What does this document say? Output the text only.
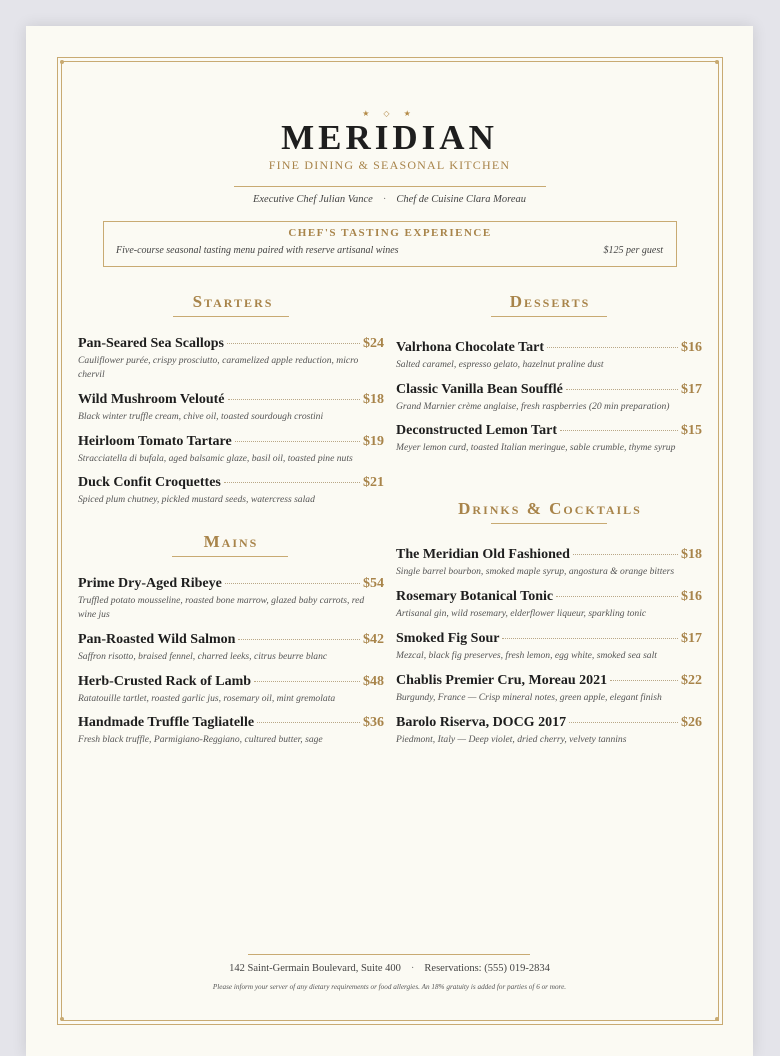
★ ◇ ★
MERIDIAN
FINE DINING & SEASONAL KITCHEN
Executive Chef Julian Vance · Chef de Cuisine Clara Moreau
CHEF'S TASTING EXPERIENCE
Five-course seasonal tasting menu paired with reserve artisanal wines	$125 per guest
Starters
Pan-Seared Sea Scallops	$24
Cauliflower purée, crispy prosciutto, caramelized apple reduction, micro chervil
Wild Mushroom Velouté	$18
Black winter truffle cream, chive oil, toasted sourdough crostini
Heirloom Tomato Tartare	$19
Stracciatella di bufala, aged balsamic glaze, basil oil, toasted pine nuts
Duck Confit Croquettes	$21
Spiced plum chutney, pickled mustard seeds, watercress salad
Mains
Prime Dry-Aged Ribeye	$54
Truffled potato mousseline, roasted bone marrow, glazed baby carrots, red wine jus
Pan-Roasted Wild Salmon	$42
Saffron risotto, braised fennel, charred leeks, citrus beurre blanc
Herb-Crusted Rack of Lamb	$48
Ratatouille tartlet, roasted garlic jus, rosemary oil, mint gremolata
Handmade Truffle Tagliatelle	$36
Fresh black truffle, Parmigiano-Reggiano, cultured butter, sage
Desserts
Valrhona Chocolate Tart	$16
Salted caramel, espresso gelato, hazelnut praline dust
Classic Vanilla Bean Soufflé	$17
Grand Marnier crème anglaise, fresh raspberries (20 min preparation)
Deconstructed Lemon Tart	$15
Meyer lemon curd, toasted Italian meringue, sable crumble, thyme syrup
Drinks & Cocktails
The Meridian Old Fashioned	$18
Single barrel bourbon, smoked maple syrup, angostura & orange bitters
Rosemary Botanical Tonic	$16
Artisanal gin, wild rosemary, elderflower liqueur, sparkling tonic
Smoked Fig Sour	$17
Mezcal, black fig preserves, fresh lemon, egg white, smoked sea salt
Chablis Premier Cru, Moreau 2021	$22
Burgundy, France — Crisp mineral notes, green apple, elegant finish
Barolo Riserva, DOCG 2017	$26
Piedmont, Italy — Deep violet, dried cherry, velvety tannins
142 Saint-Germain Boulevard, Suite 400 · Reservations: (555) 019-2834
Please inform your server of any dietary requirements or food allergies. An 18% gratuity is added for parties of 6 or more.
